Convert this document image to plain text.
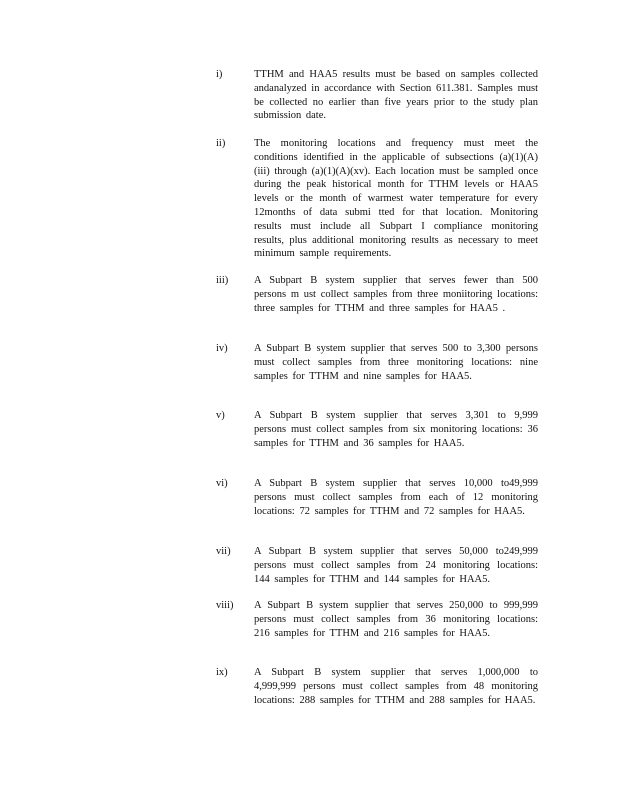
i)	TTHM and HAA5 results must be based on samples collected andanalyzed in accordance with Section 611.381. Samples must be collected no earlier than five years prior to the study plan submission date.
ii)	The monitoring locations and frequency must meet the conditions identified in the applicable of subsections (a)(1)(A)(iii) through (a)(1)(A)(xv). Each location must be sampled once during the peak historical month for TTHM levels or HAA5 levels or the month of warmest water temperature for every 12months of data submi tted for that location. Monitoring results must include all Subpart I compliance monitoring results, plus additional monitoring results as necessary to meet minimum sample requirements.
iii) A Subpart B system supplier that serves fewer than 500 persons m ust collect samples from three moniitoring locations: three samples for TTHM and three samples for HAA5 .
iv)	A Subpart B system supplier that serves 500 to 3,300 persons must collect samples from three monitoring locations: nine samples for TTHM and nine samples for HAA5.
v)	A Subpart B system supplier that serves 3,301 to 9,999 persons must collect samples from six monitoring locations: 36 samples for TTHM and 36 samples for HAA5.
vi)	A Subpart B system supplier that serves 10,000 to49,999 persons must collect samples from each of 12 monitoring locations: 72 samples for TTHM and 72 samples for HAA5.
vii) A Subpart B system supplier that serves 50,000 to249,999 persons must collect samples from 24 monitoring locations: 144 samples for TTHM and 144 samples for HAA5.
viii) A Subpart B system supplier that serves 250,000 to 999,999 persons must collect samples from 36 monitoring locations: 216 samples for TTHM and 216 samples for HAA5.
ix)	A Subpart B system supplier that serves 1,000,000 to 4,999,999 persons must collect samples from 48 monitoring locations: 288 samples for TTHM and 288 samples for HAA5.
